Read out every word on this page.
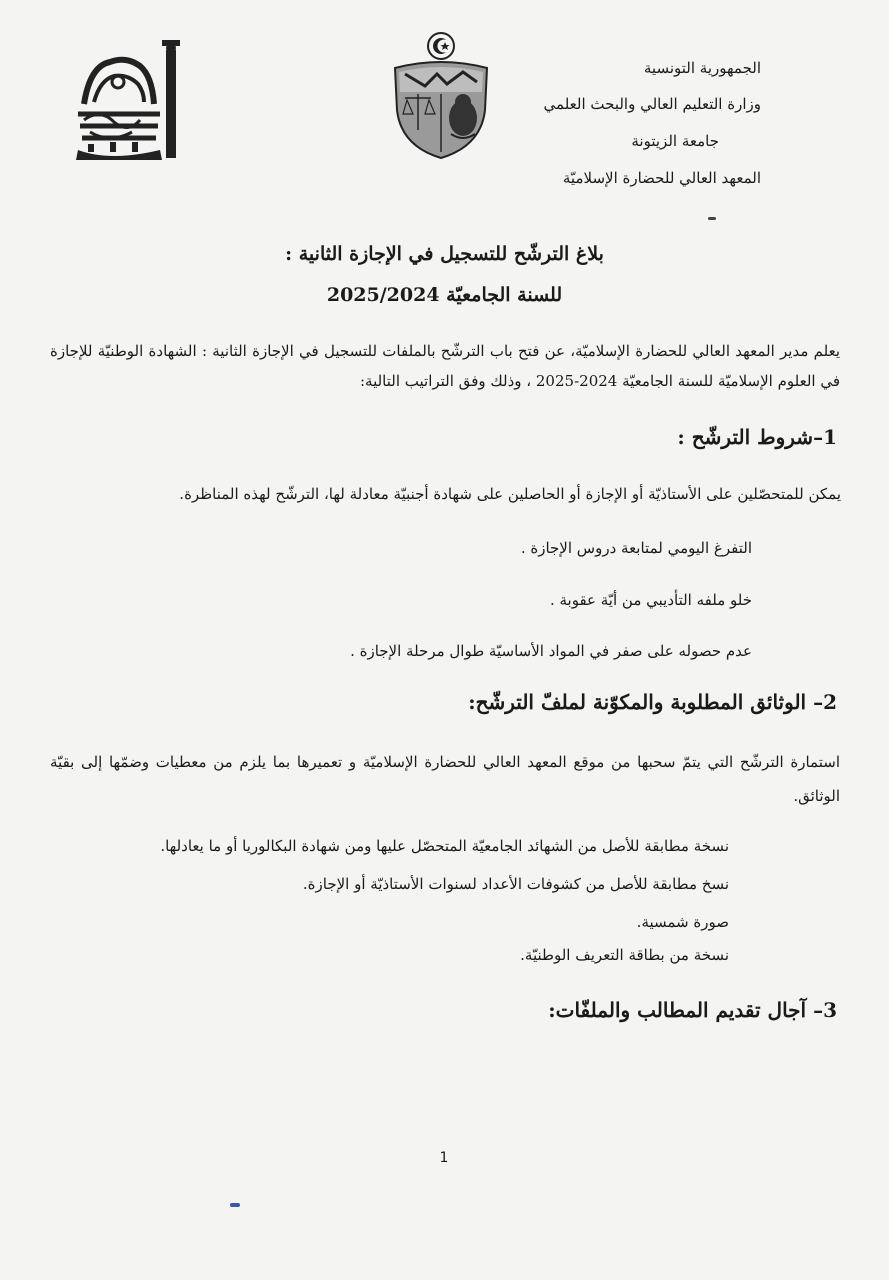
الجمهورية التونسية
وزارة التعليم العالي والبحث العلمي
جامعة الزيتونة
المعهد العالي للحضارة الإسلاميّة
بلاغ الترشّح للتسجيل في الإجازة الثانية :
للسنة الجامعيّة 2025/2024
يعلم مدير المعهد العالي للحضارة الإسلاميّة، عن فتح باب الترشّح بالملفات للتسجيل في الإجازة الثانية : الشهادة الوطنيّة للإجازة في العلوم الإسلاميّة للسنة الجامعيّة 2024-2025 ، وذلك وفق التراتيب التالية:
1–شروط الترشّح :
يمكن للمتحصّلين على الأستاذيّة أو الإجازة أو الحاصلين على شهادة أجنبيّة معادلة لها، الترشّح لهذه المناظرة.
التفرغ اليومي لمتابعة دروس الإجازة .
خلو ملفه التأديبي من أيّة عقوبة .
عدم حصوله على صفر في المواد الأساسيّة طوال مرحلة الإجازة .
2– الوثائق المطلوبة والمكوّنة لملفّ الترشّح:
استمارة الترشّح التي يتمّ سحبها من موقع المعهد العالي للحضارة الإسلاميّة و تعميرها بما يلزم من معطيات وضمّها إلى بقيّة الوثائق.
نسخة مطابقة للأصل من الشهائد الجامعيّة المتحصّل عليها ومن شهادة البكالوريا أو ما يعادلها.
نسخ مطابقة للأصل من كشوفات الأعداد لسنوات الأستاذيّة أو الإجازة.
صورة شمسية.
نسخة من بطاقة التعريف الوطنيّة.
3– آجال تقديم المطالب والملفّات:
1
